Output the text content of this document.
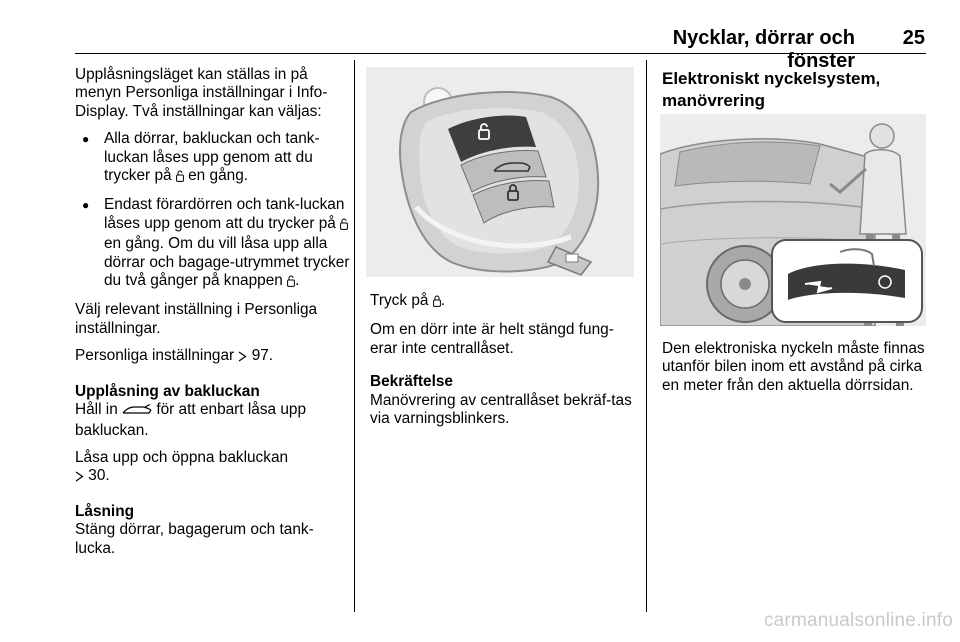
Nycklar, dörrar och fönster
25

Upplåsningsläget kan ställas in på menyn Personliga inställningar i Info-Display. Två inställningar kan väljas:

● Alla dörrar, bakluckan och tank-luckan låses upp genom att du trycker på  en gång.
● Endast förardörren och tank-luckan låses upp genom att du trycker på  en gång. Om du vill låsa upp alla dörrar och bagage-utrymmet trycker du två gånger på knappen .

Välj relevant inställning i Personliga inställningar.

Personliga inställningar  97.

Upplåsning av bakluckan

Håll in  för att enbart låsa upp bakluckan.

Låsa upp och öppna bakluckan
30.

Låsning

Stäng dörrar, bagagerum och tank-lucka.

Tryck på .

Om en dörr inte är helt stängd fung-erar inte centrallåset.

Bekräftelse

Manövrering av centrallåset bekräf-tas via varningsblinkers.

Elektroniskt nyckelsystem, manövrering

Den elektroniska nyckeln måste finnas utanför bilen inom ett avstånd på cirka en meter från den aktuella dörrsidan.

carmanualsonline.info
